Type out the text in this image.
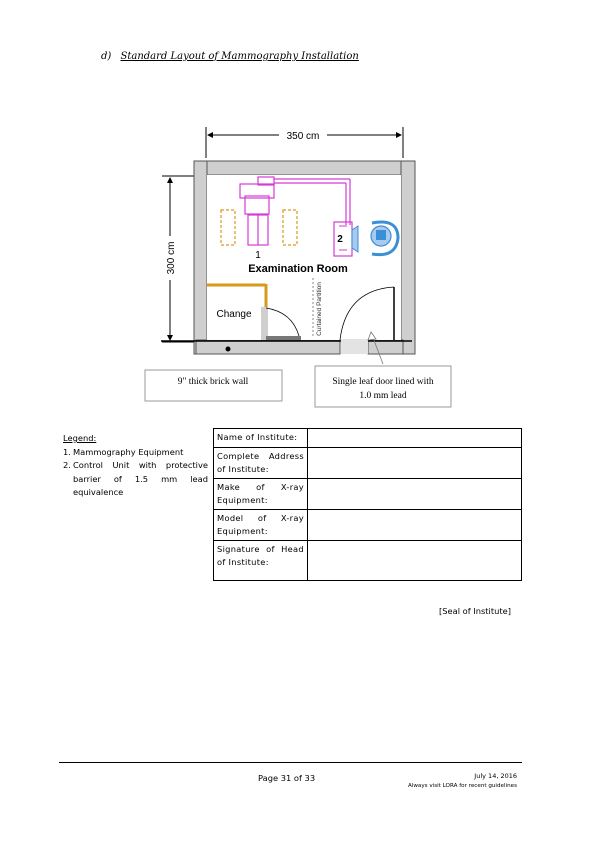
d) Standard Layout of Mammography Installation
350 cm
300 cm	1
2
Examination Room
Change	Curtained Partition
9" thick brick wall	Single leaf door lined with
1.0 mm lead
Legend:
1. Mammography Equipment
2. Control Unit with protective barrier of 1.5 mm lead equivalence
Name of Institute:	
Complete Address of Institute:	
Make of X-ray Equipment:	
Model of X-ray Equipment:	
Signature of Head of Institute:	
[Seal of Institute]
Page 31 of 33	July 14, 2016
Always visit LORA for recent guidelines
